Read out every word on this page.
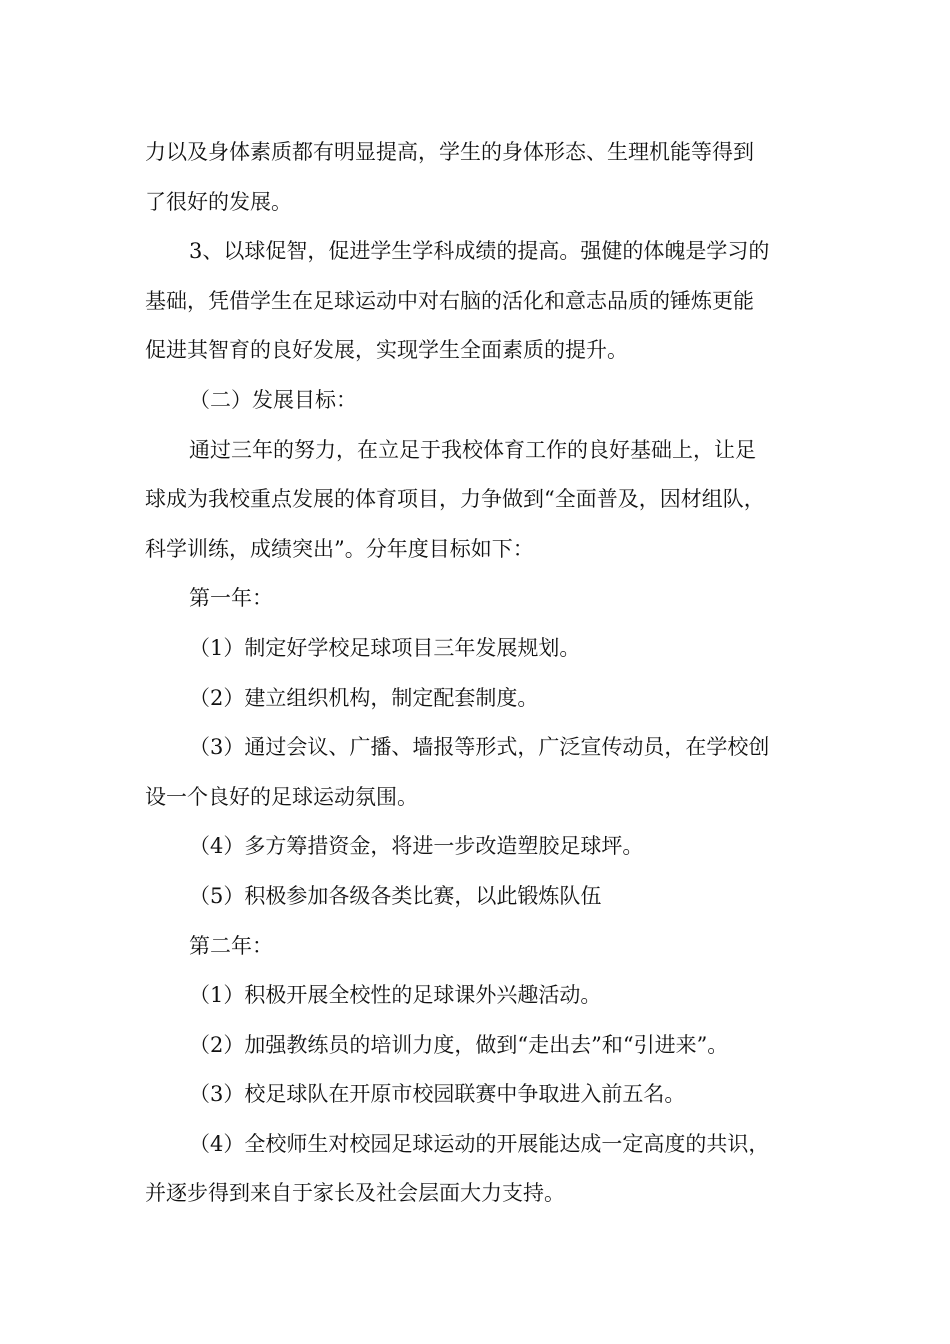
力以及身体素质都有明显提高，学生的身体形态、生理机能等得到

了很好的发展。

3、以球促智，促进学生学科成绩的提高。强健的体魄是学习的

基础，凭借学生在足球运动中对右脑的活化和意志品质的锤炼更能

促进其智育的良好发展，实现学生全面素质的提升。

（二）发展目标：

通过三年的努力，在立足于我校体育工作的良好基础上，让足

球成为我校重点发展的体育项目，力争做到“全面普及，因材组队，

科学训练，成绩突出”。分年度目标如下：

第一年：

（1）制定好学校足球项目三年发展规划。

（2）建立组织机构，制定配套制度。

（3）通过会议、广播、墙报等形式，广泛宣传动员，在学校创

设一个良好的足球运动氛围。

（4）多方筹措资金，将进一步改造塑胶足球坪。

（5）积极参加各级各类比赛，以此锻炼队伍

第二年：

（1）积极开展全校性的足球课外兴趣活动。

（2）加强教练员的培训力度，做到“走出去”和“引进来”。

（3）校足球队在开原市校园联赛中争取进入前五名。

（4）全校师生对校园足球运动的开展能达成一定高度的共识，

并逐步得到来自于家长及社会层面大力支持。
